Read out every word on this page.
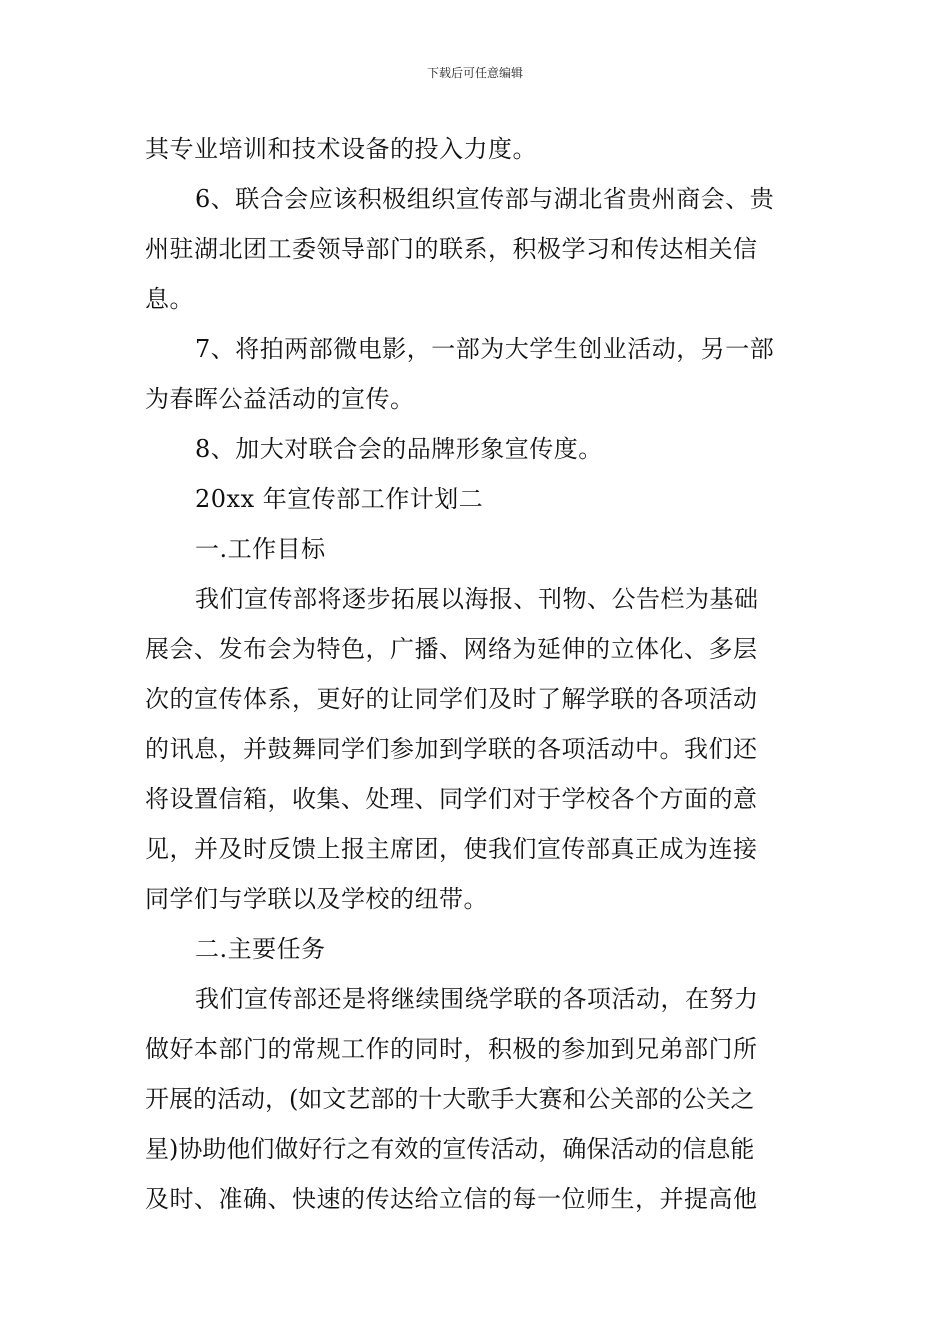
下载后可任意编辑
其专业培训和技术设备的投入力度。
6、联合会应该积极组织宣传部与湖北省贵州商会、贵
州驻湖北团工委领导部门的联系，积极学习和传达相关信
息。
7、将拍两部微电影，一部为大学生创业活动，另一部
为春晖公益活动的宣传。
8、加大对联合会的品牌形象宣传度。
20xx 年宣传部工作计划二
一.工作目标
我们宣传部将逐步拓展以海报、刊物、公告栏为基础
展会、发布会为特色，广播、网络为延伸的立体化、多层
次的宣传体系，更好的让同学们及时了解学联的各项活动
的讯息，并鼓舞同学们参加到学联的各项活动中。我们还
将设置信箱，收集、处理、同学们对于学校各个方面的意
见，并及时反馈上报主席团，使我们宣传部真正成为连接
同学们与学联以及学校的纽带。
二.主要任务
我们宣传部还是将继续围绕学联的各项活动，在努力
做好本部门的常规工作的同时，积极的参加到兄弟部门所
开展的活动，(如文艺部的十大歌手大赛和公关部的公关之
星)协助他们做好行之有效的宣传活动，确保活动的信息能
及时、准确、快速的传达给立信的每一位师生，并提高他
